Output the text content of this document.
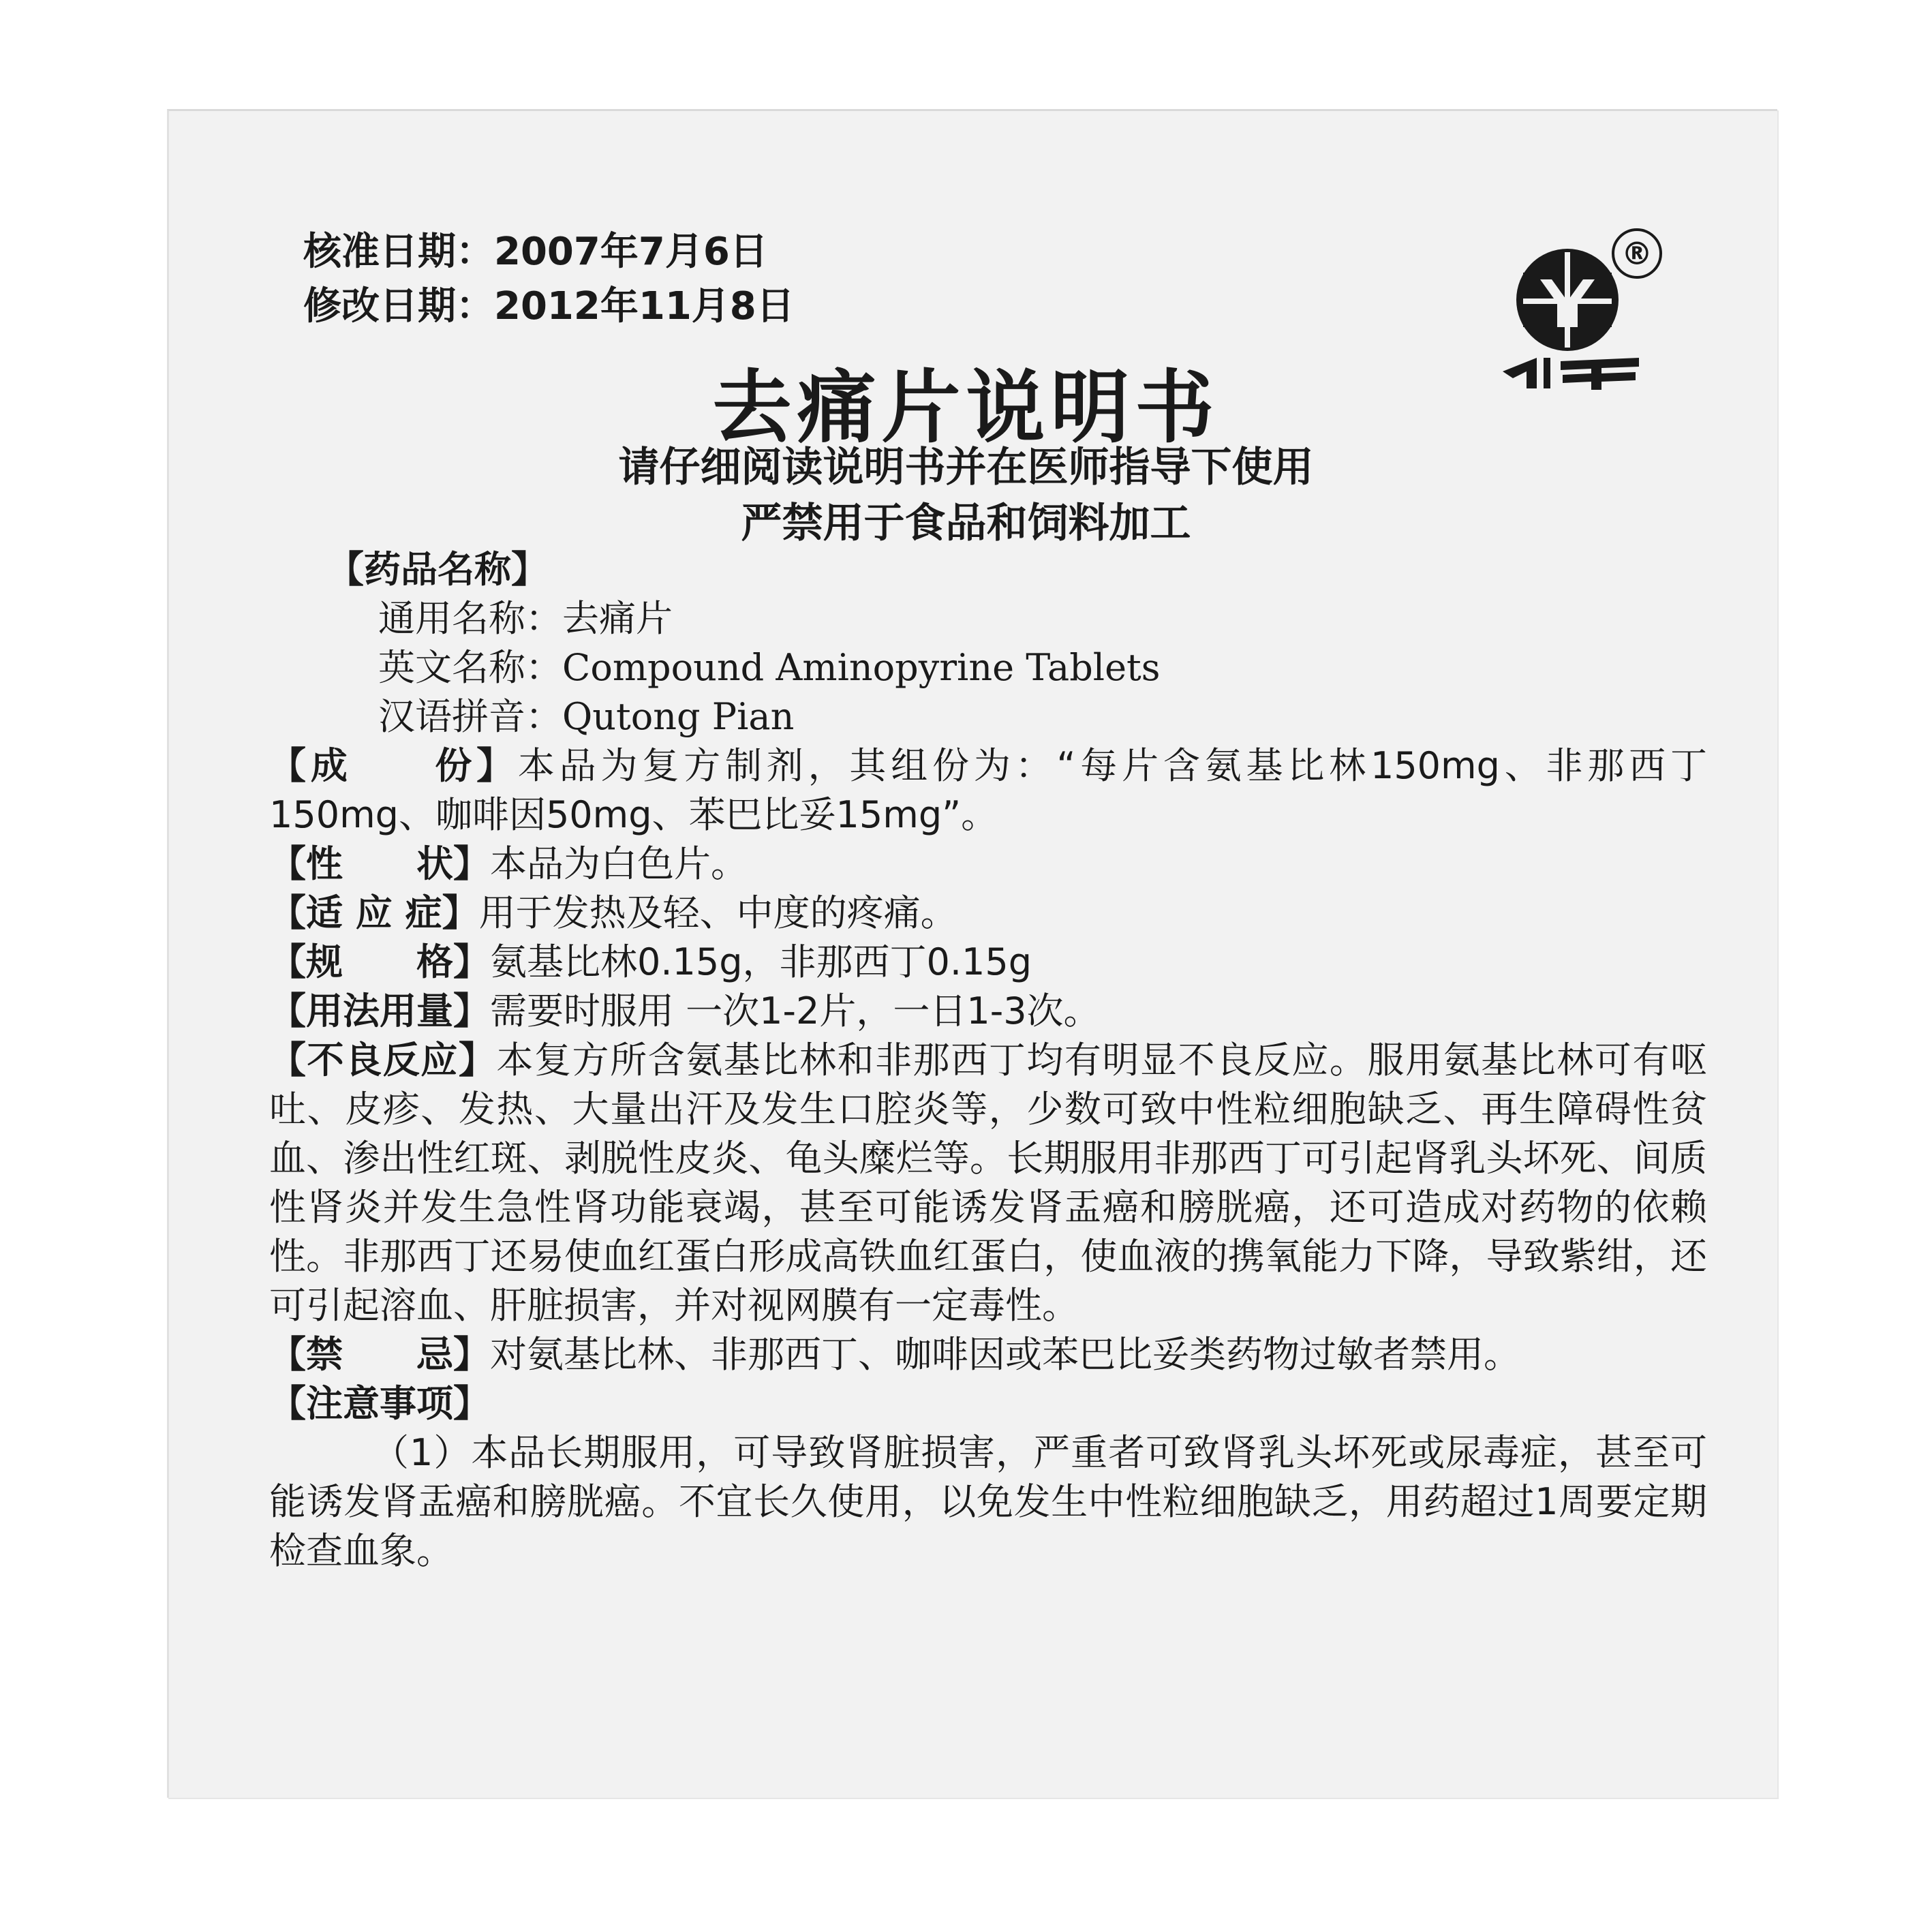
核准日期：2007年7月6日
修改日期：2012年11月8日
®
去痛片说明书
请仔细阅读说明书并在医师指导下使用
严禁用于食品和饲料加工
【药品名称】
通用名称：去痛片
英文名称：Compound Aminopyrine Tablets
汉语拼音：Qutong Pian
【成　　份】本品为复方制剂，其组份为：“每片含氨基比林150mg、非那西丁150mg、咖啡因50mg、苯巴比妥15mg”。
【性　　状】本品为白色片。
【适 应 症】用于发热及轻、中度的疼痛。
【规　　格】氨基比林0.15g，非那西丁0.15g
【用法用量】需要时服用 一次1-2片，一日1-3次。
【不良反应】本复方所含氨基比林和非那西丁均有明显不良反应。服用氨基比林可有呕吐、皮疹、发热、大量出汗及发生口腔炎等，少数可致中性粒细胞缺乏、再生障碍性贫血、渗出性红斑、剥脱性皮炎、龟头糜烂等。长期服用非那西丁可引起肾乳头坏死、间质性肾炎并发生急性肾功能衰竭，甚至可能诱发肾盂癌和膀胱癌，还可造成对药物的依赖性。非那西丁还易使血红蛋白形成高铁血红蛋白，使血液的携氧能力下降，导致紫绀，还可引起溶血、肝脏损害，并对视网膜有一定毒性。
【禁　　忌】对氨基比林、非那西丁、咖啡因或苯巴比妥类药物过敏者禁用。
【注意事项】
（1）本品长期服用，可导致肾脏损害，严重者可致肾乳头坏死或尿毒症，甚至可能诱发肾盂癌和膀胱癌。不宜长久使用，以免发生中性粒细胞缺乏，用药超过1周要定期检查血象。
